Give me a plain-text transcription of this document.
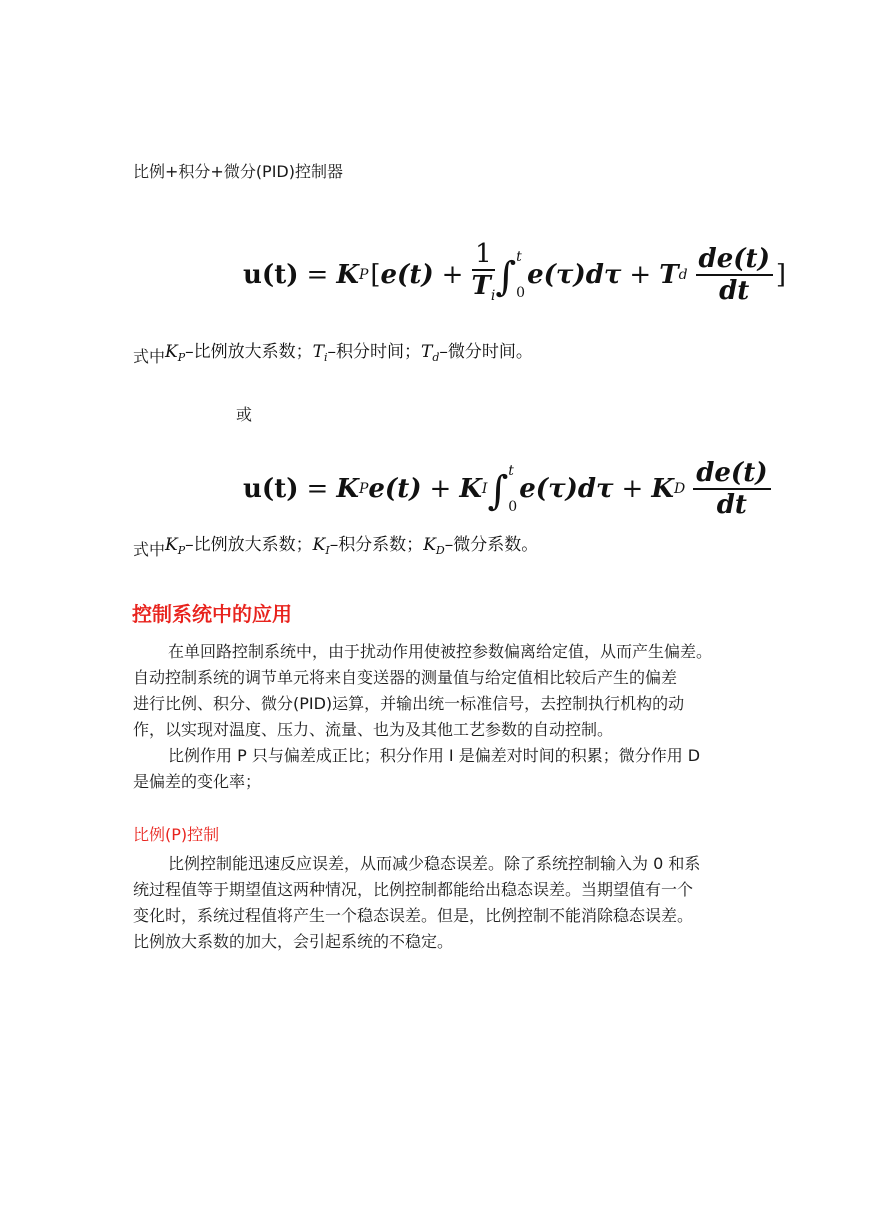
比例+积分+微分(PID)控制器
u(t) = K P [ $e(t) + \frac{1}{T_i}$ ∫ t
0
e(τ)dτ + T d $\frac{de(t)}{dt}$ ]
式中 $K_P-$比例放大系数；$T_i-$积分时间；$T_d-$微分时间。
或
u(t) = K P e(t) + K I ∫ t
0
e(τ)dτ + K D $\frac{de(t)}{dt}$
式中 $K_P-$比例放大系数；$K_I-$积分系数；$K_D-$微分系数。
控制系统中的应用
在单回路控制系统中，由于扰动作用使被控参数偏离给定值，从而产生偏差。
自动控制系统的调节单元将来自变送器的测量值与给定值相比较后产生的偏差
进行比例、积分、微分(PID)运算，并输出统一标准信号，去控制执行机构的动
作，以实现对温度、压力、流量、也为及其他工艺参数的自动控制。
比例作用 P 只与偏差成正比；积分作用 I 是偏差对时间的积累；微分作用 D
是偏差的变化率；
比例(P)控制
比例控制能迅速反应误差，从而减少稳态误差。除了系统控制输入为 0 和系
统过程值等于期望值这两种情况，比例控制都能给出稳态误差。当期望值有一个
变化时，系统过程值将产生一个稳态误差。但是，比例控制不能消除稳态误差。
比例放大系数的加大，会引起系统的不稳定。
